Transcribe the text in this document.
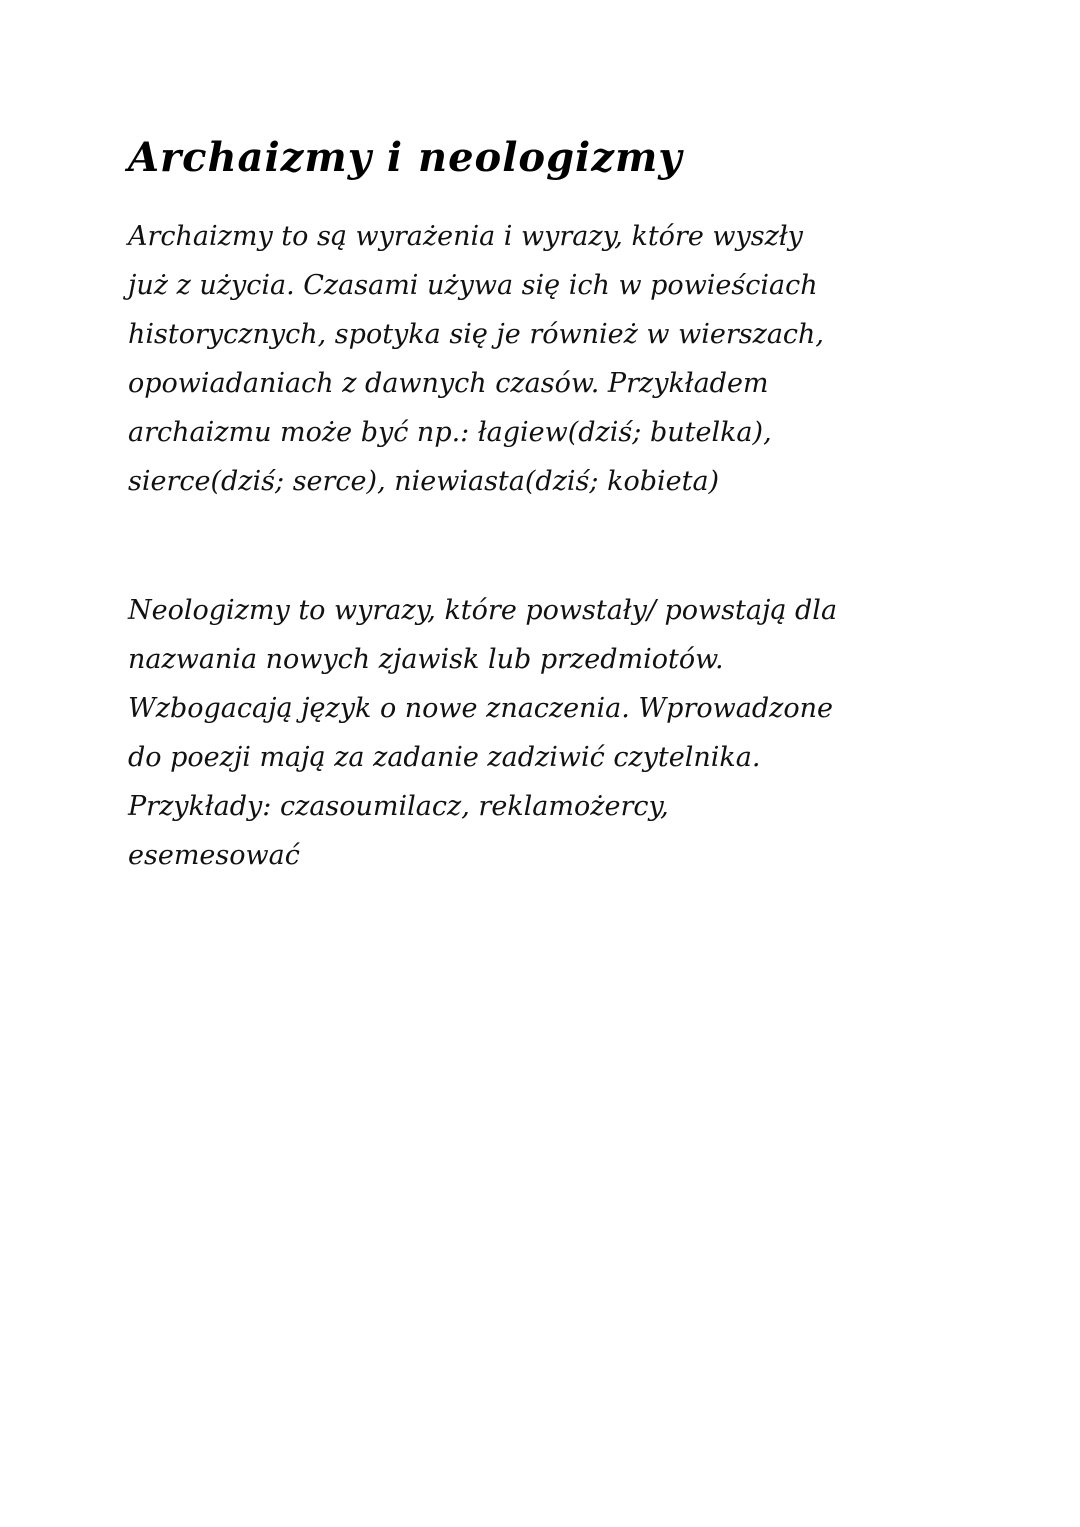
Archaizmy i neologizmy
Archaizmy to są wyrażenia i wyrazy, które wyszły
już z użycia. Czasami używa się ich w powieściach
historycznych, spotyka się je również w wierszach,
opowiadaniach z dawnych czasów. Przykładem
archaizmu może być np.: łagiew(dziś; butelka),
sierce(dziś; serce), niewiasta(dziś; kobieta)
Neologizmy to wyrazy, które powstały/ powstają dla
nazwania nowych zjawisk lub przedmiotów.
Wzbogacają język o nowe znaczenia. Wprowadzone
do poezji mają za zadanie zadziwić czytelnika.
Przykłady: czasoumilacz, reklamożercy,
esemesować
